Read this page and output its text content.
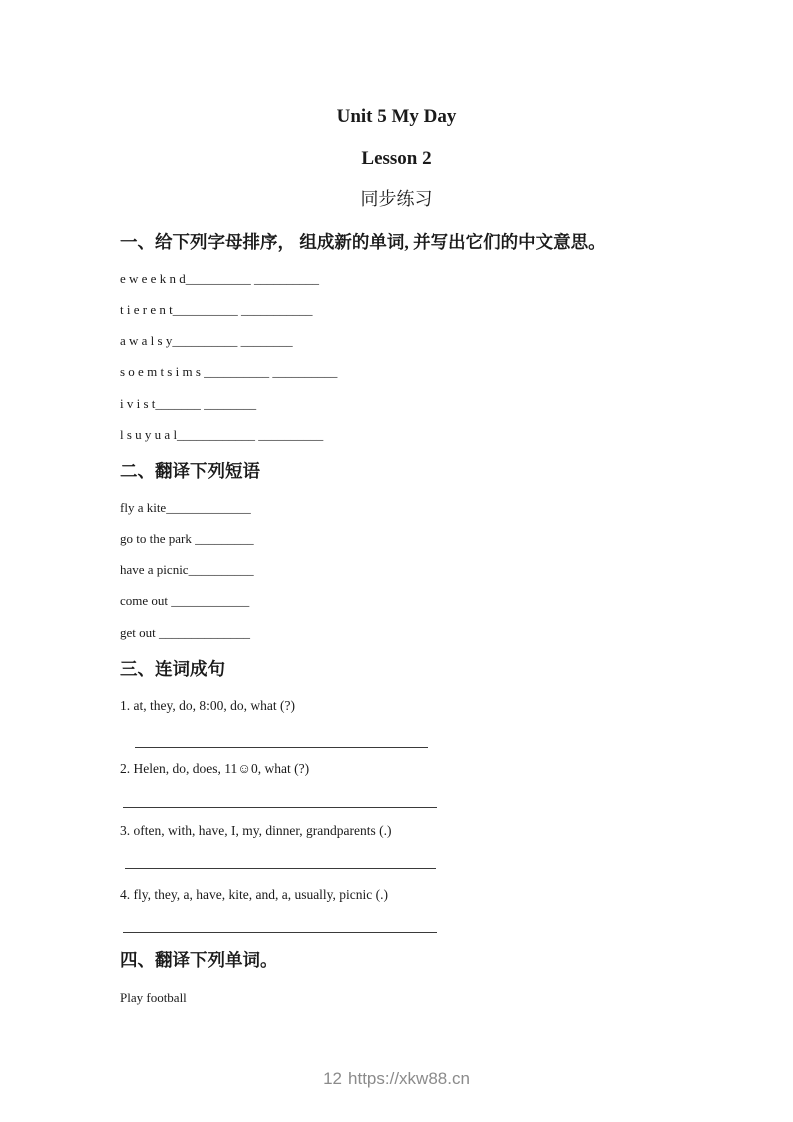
Unit 5 My Day
Lesson 2
同步练习
一、给下列字母排序， 组成新的单词, 并写出它们的中文意思。
e w e e k n d__________ __________
t i e r e n t__________ ___________
a w a l s y__________ ________
s o e m t s i m s __________ __________
i v i s t_______ ________
l s u y u a l____________ __________
二、翻译下列短语
fly a kite_____________
go to the park _________
have a picnic__________
come out ____________
get out ______________
三、连词成句
1. at, they, do, 8:00, do, what (?)
2. Helen, do, does, 11☺0, what (?)
3. often, with, have, I, my, dinner, grandparents (.)
4. fly, they, a, have, kite, and, a, usually, picnic (.)
四、翻译下列单词。
Play football
12 https://xkw88.cn
